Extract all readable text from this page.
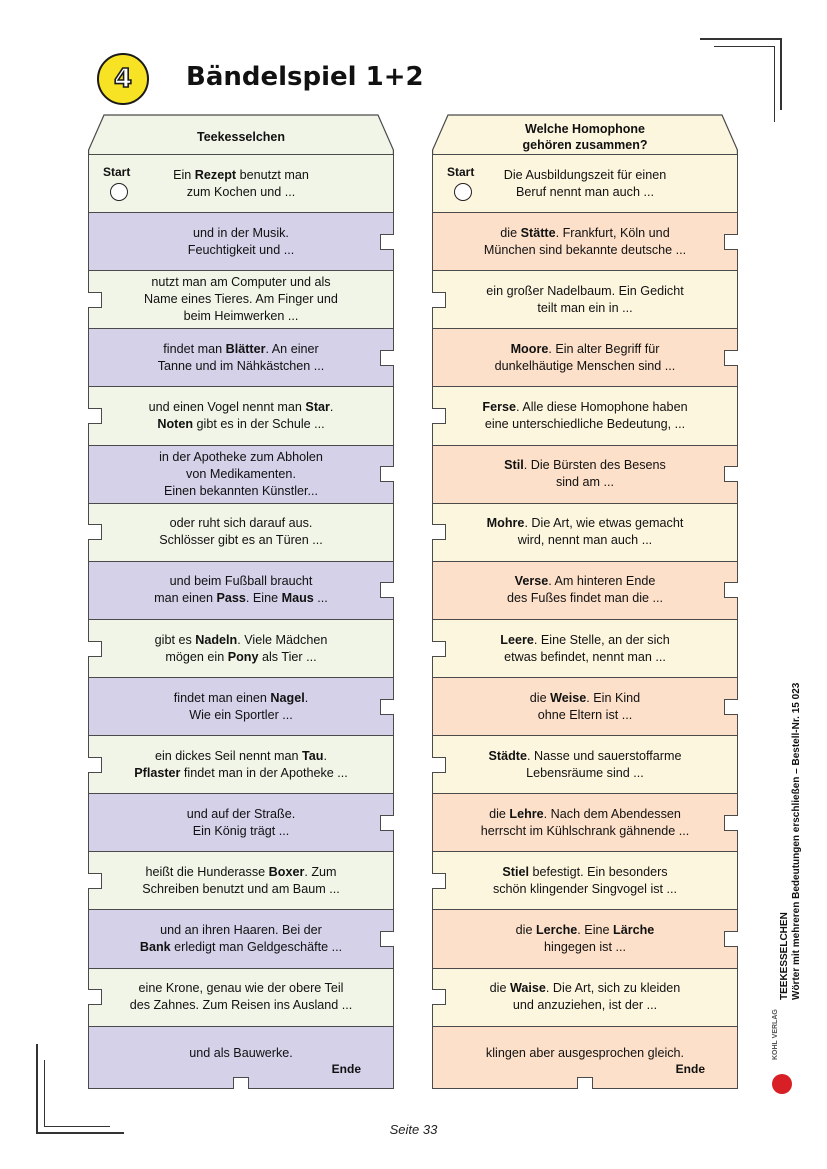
4	Bändelspiel 1+2
Teekesselchen
Ein Rezept benutzt man
zum Kochen und ...
Start
und in der Musik.
Feuchtigkeit und ...
nutzt man am Computer und als
Name eines Tieres. Am Finger und
beim Heimwerken ...
findet man Blätter. An einer
Tanne und im Nähkästchen ...
und einen Vogel nennt man Star.
Noten gibt es in der Schule ...
in der Apotheke zum Abholen
von Medikamenten.
Einen bekannten Künstler...
oder ruht sich darauf aus.
Schlösser gibt es an Türen ...
und beim Fußball braucht
man einen Pass. Eine Maus ...
gibt es Nadeln. Viele Mädchen
mögen ein Pony als Tier ...
findet man einen Nagel.
Wie ein Sportler ...
ein dickes Seil nennt man Tau.
Pflaster findet man in der Apotheke ...
und auf der Straße.
Ein König trägt ...
heißt die Hunderasse Boxer. Zum
Schreiben benutzt und am Baum ...
und an ihren Haaren. Bei der
Bank erledigt man Geldgeschäfte ...
eine Krone, genau wie der obere Teil
des Zahnes. Zum Reisen ins Ausland ...
und als Bauwerke.
Ende
Welche Homophone
gehören zusammen?
Die Ausbildungszeit für einen
Beruf nennt man auch ...
Start
die Stätte. Frankfurt, Köln und
München sind bekannte deutsche ...
ein großer Nadelbaum. Ein Gedicht
teilt man ein in ...
Moore. Ein alter Begriff für
dunkelhäutige Menschen sind ...
Ferse. Alle diese Homophone haben
eine unterschiedliche Bedeutung, ...
Stil. Die Bürsten des Besens
sind am ...
Mohre. Die Art, wie etwas gemacht
wird, nennt man auch ...
Verse. Am hinteren Ende
des Fußes findet man die ...
Leere. Eine Stelle, an der sich
etwas befindet, nennt man ...
die Weise. Ein Kind
ohne Eltern ist ...
Städte. Nasse und sauerstoffarme
Lebensräume sind ...
die Lehre. Nach dem Abendessen
herrscht im Kühlschrank gähnende ...
Stiel befestigt. Ein besonders
schön klingender Singvogel ist ...
die Lerche. Eine Lärche
hingegen ist ...
die Waise. Die Art, sich zu kleiden
und anzuziehen, ist der ...
klingen aber ausgesprochen gleich.
Ende
TEEKESSELCHEN Wörter mit mehreren Bedeutungen erschließen – Bestell-Nr. 15 023
KOHL VERLAG
Seite 33
